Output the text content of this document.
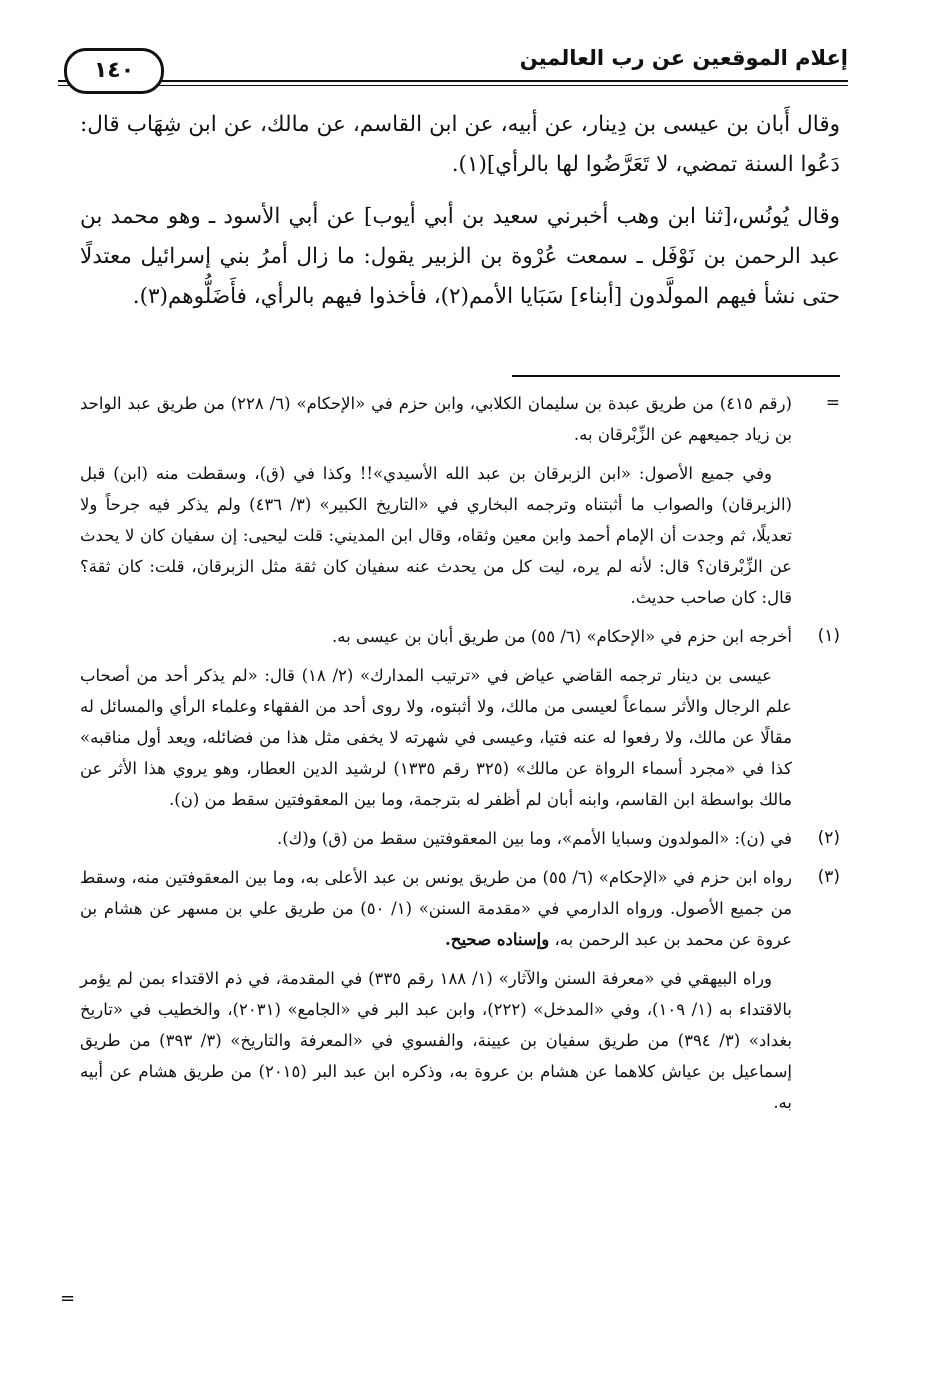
إعلام الموقعين عن رب العالمين
١٤٠

وقال أَبان بن عيسى بن دِينار، عن أبيه، عن ابن القاسم، عن مالك، عن ابن شِهَاب قال: دَعُوا السنة تمضي، لا تَعَرَّضُوا لها بالرأي](١).

وقال يُونُس،[ثنا ابن وهب أخبرني سعيد بن أبي أيوب] عن أبي الأسود ـ وهو محمد بن عبد الرحمن بن نَوْفَل ـ سمعت عُرْوة بن الزبير يقول: ما زال أمرُ بني إسرائيل معتدلًا حتى نشأ فيهم المولَّدون [أبناء] سَبَايا الأمم(٢)، فأخذوا فيهم بالرأي، فأَضَلُّوهم(٣).

=

(رقم ٤١٥) من طريق عبدة بن سليمان الكلابي، وابن حزم في «الإحكام» (٦/ ٢٢٨) من طريق عبد الواحد بن زياد جميعهم عن الزِّبْرقان به.

وفي جميع الأصول: «ابن الزبرقان بن عبد الله الأسيدي»!! وكذا في (ق)، وسقطت منه (ابن) قبل (الزبرقان) والصواب ما أثبتناه وترجمه البخاري في «التاريخ الكبير» (٣/ ٤٣٦) ولم يذكر فيه جرحاً ولا تعديلًا، ثم وجدت أن الإمام أحمد وابن معين وثقاه، وقال ابن المديني: قلت ليحيى: إن سفيان كان لا يحدث عن الزِّبْرقان؟ قال: لأنه لم يره، ليت كل من يحدث عنه سفيان كان ثقة مثل الزبرقان، قلت: كان ثقة؟ قال: كان صاحب حديث.

(١)

أخرجه ابن حزم في «الإحكام» (٦/ ٥٥) من طريق أبان بن عيسى به.

عيسى بن دينار ترجمه القاضي عياض في «ترتيب المدارك» (٢/ ١٨) قال: «لم يذكر أحد من أصحاب علم الرجال والأثر سماعاً لعيسى من مالك، ولا أثبتوه، ولا روى أحد من الفقهاء وعلماء الرأي والمسائل له مقالًا عن مالك، ولا رفعوا له عنه فتيا، وعيسى في شهرته لا يخفى مثل هذا من فضائله، ويعد أول مناقبه» كذا في «مجرد أسماء الرواة عن مالك» (٣٢٥ رقم ١٣٣٥) لرشيد الدين العطار، وهو يروي هذا الأثر عن مالك بواسطة ابن القاسم، وابنه أبان لم أظفر له بترجمة، وما بين المعقوفتين سقط من (ن).

(٢)

في (ن): «المولدون وسبايا الأمم»، وما بين المعقوفتين سقط من (ق) و(ك).

(٣)

رواه ابن حزم في «الإحكام» (٦/ ٥٥) من طريق يونس بن عبد الأعلى به، وما بين المعقوفتين منه، وسقط من جميع الأصول. ورواه الدارمي في «مقدمة السنن» (١/ ٥٠) من طريق علي بن مسهر عن هشام بن عروة عن محمد بن عبد الرحمن به، وإسناده صحيح.

وراه البيهقي في «معرفة السنن والآثار» (١/ ١٨٨ رقم ٣٣٥) في المقدمة، في ذم الاقتداء بمن لم يؤمر بالاقتداء به (١/ ١٠٩)، وفي «المدخل» (٢٢٢)، وابن عبد البر في «الجامع» (٢٠٣١)، والخطيب في «تاريخ بغداد» (٣/ ٣٩٤) من طريق سفيان بن عيينة، والفسوي في «المعرفة والتاريخ» (٣/ ٣٩٣) من طريق إسماعيل بن عياش كلاهما عن هشام بن عروة به، وذكره ابن عبد البر (٢٠١٥) من طريق هشام عن أبيه به.

=
